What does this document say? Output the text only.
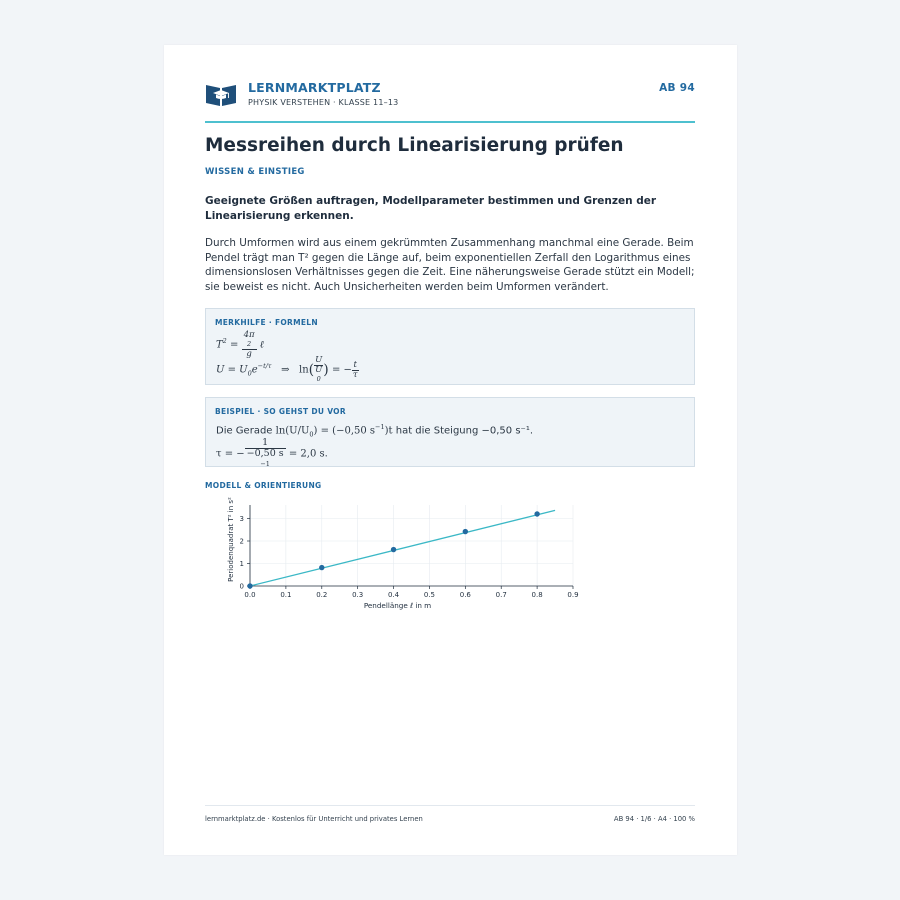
LERNMARKTPLATZ
PHYSIK VERSTEHEN · KLASSE 11–13
AB 94
Messreihen durch Linearisierung prüfen
WISSEN & EINSTIEG
Geeignete Größen auftragen, Modellparameter bestimmen und Grenzen der Linearisierung erkennen.
Durch Umformen wird aus einem gekrümmten Zusammenhang manchmal eine Gerade. Beim Pendel trägt man T² gegen die Länge auf, beim exponentiellen Zerfall den Logarithmus eines dimensionslosen Verhältnisses gegen die Zeit. Eine näherungsweise Gerade stützt ein Modell; sie beweist es nicht. Auch Unsicherheiten werden beim Umformen verändert.
MERKHILFE · FORMELN
$T^2 = 4\pi$
2
g ℓ
$U = U_0e^{-t/\tau}$ ⇒ ln( U
U
0 ) = − $\frac{t}{\tau}$
BEISPIEL · SO GEHST DU VOR
Die Gerade $\ln(U/U_0) = (-0,50$ $s^{-1})t$ hat die Steigung −0,50 s⁻¹.
τ = − 1
−0,50 s
−1 = 2,0 s.
MODELL & ORIENTIERUNG
0.0	0.1	0.2	0.3	0.4	0.5	0.6	0.7	0.8	0.9
0
1
2
3
Pendellänge ℓ in m
Periodenquadrat T² in s²
lernmarktplatz.de · Kostenlos für Unterricht und privates Lernen	AB 94 · 1/6 · A4 · 100 %
